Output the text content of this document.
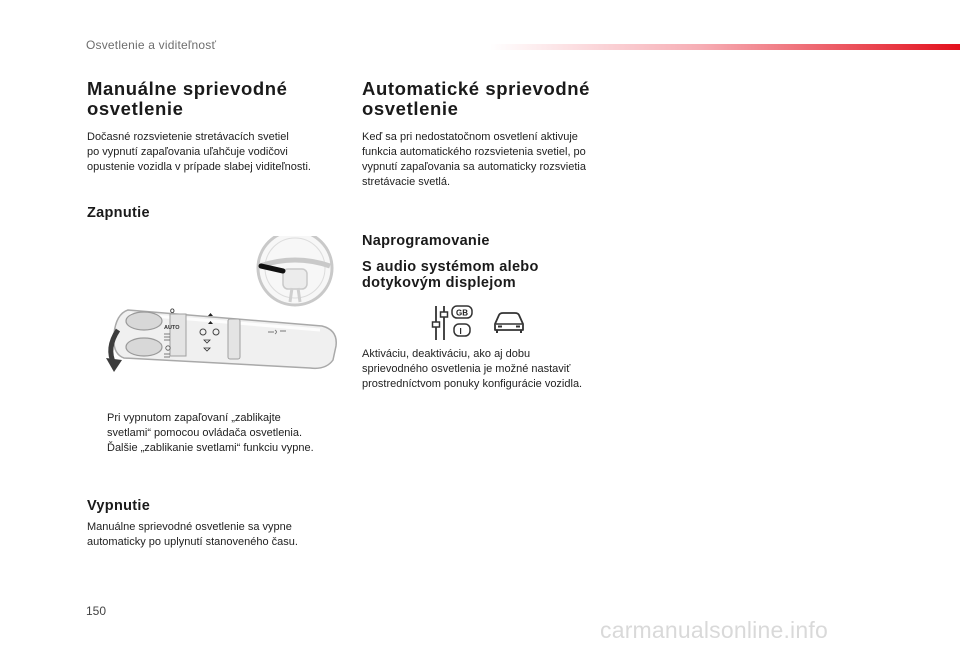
Osvetlenie a viditeľnosť
Manuálne sprievodné
osvetlenie

Dočasné rozsvietenie stretávacích svetiel
po vypnutí zapaľovania uľahčuje vodičovi
opustenie vozidla v prípade slabej viditeľnosti.

Zapnutie
O
AUTO
Pri vypnutom zapaľovaní „zablikajte
svetlami“ pomocou ovládača osvetlenia.
Ďalšie „zablikanie svetlami“ funkciu vypne.
Vypnutie

Manuálne sprievodné osvetlenie sa vypne
automaticky po uplynutí stanoveného času.

Automatické sprievodné
osvetlenie

Keď sa pri nedostatočnom osvetlení aktivuje
funkcia automatického rozsvietenia svetiel, po
vypnutí zapaľovania sa automaticky rozsvietia
stretávacie svetlá.

Naprogramovanie
S audio systémom alebo
dotykovým displejom
GB
I

Aktiváciu, deaktiváciu, ako aj dobu
sprievodného osvetlenia je možné nastaviť
prostredníctvom ponuky konfigurácie vozidla.

150
carmanualsonline.info
